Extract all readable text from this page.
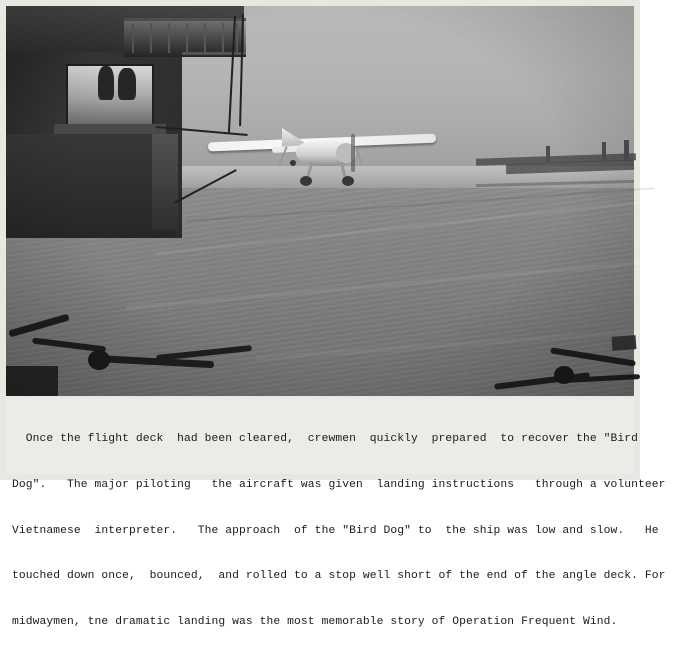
Once the flight deck  had been cleared,  crewmen  quickly  prepared  to recover the "Bird

Dog".   The major piloting   the aircraft was given  landing instructions   through a volunteer

Vietnamese  interpreter.   The approach  of the "Bird Dog" to  the ship was low and slow.   He

touched down once,  bounced,  and rolled to a stop well short of the end of the angle deck. For

midwaymen, tne dramatic landing was the most memorable story of Operation Frequent Wind.
